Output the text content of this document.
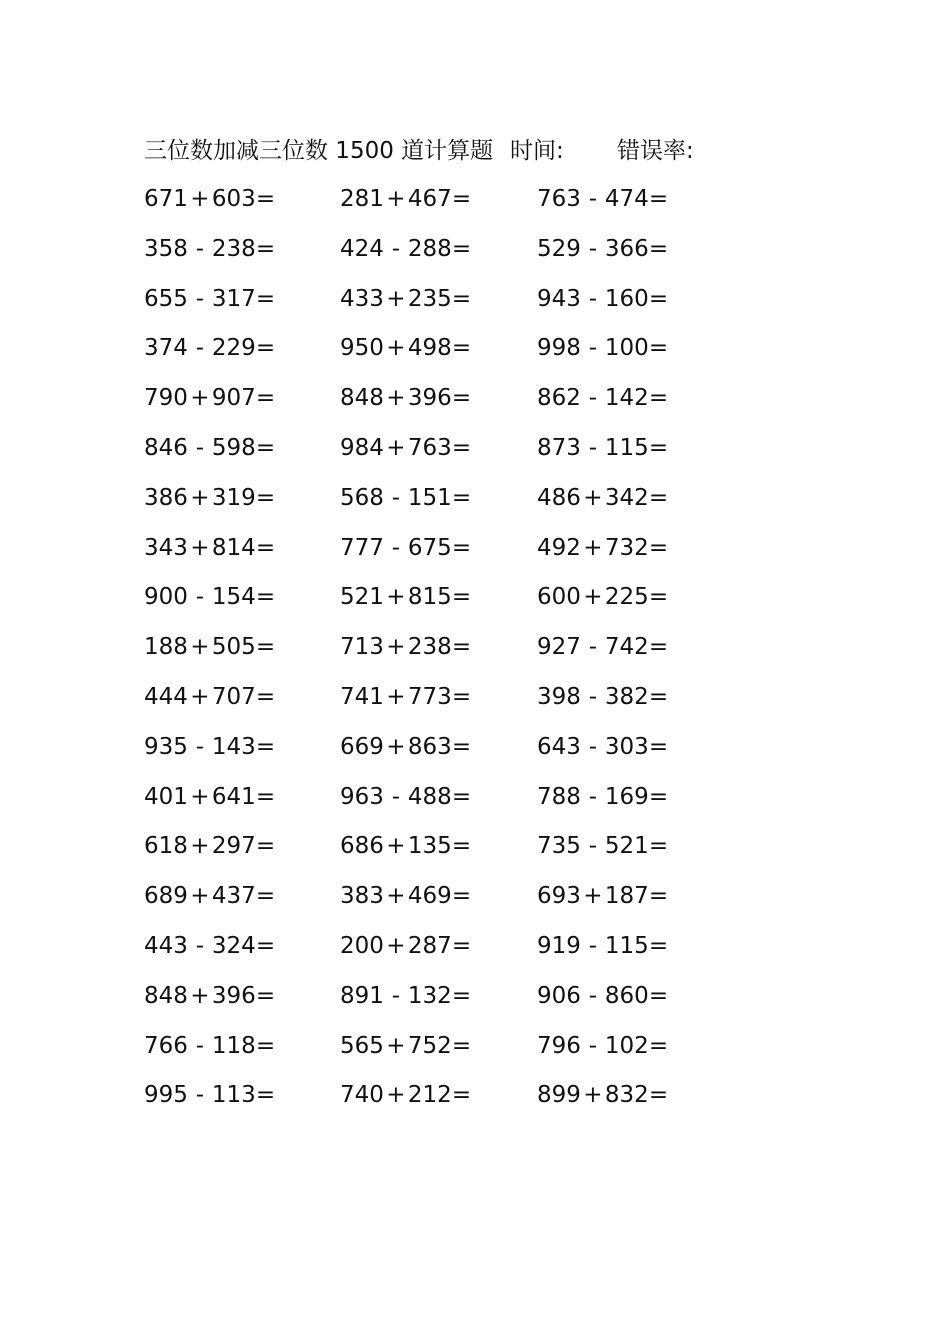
三位数加减三位数 1500 道计算题 时间: 错误率:
671 + 603 =	281 + 467 =	763 - 474 =
358 - 238 =	424 - 288 =	529 - 366 =
655 - 317 =	433 + 235 =	943 - 160 =
374 - 229 =	950 + 498 =	998 - 100 =
790 + 907 =	848 + 396 =	862 - 142 =
846 - 598 =	984 + 763 =	873 - 115 =
386 + 319 =	568 - 151 =	486 + 342 =
343 + 814 =	777 - 675 =	492 + 732 =
900 - 154 =	521 + 815 =	600 + 225 =
188 + 505 =	713 + 238 =	927 - 742 =
444 + 707 =	741 + 773 =	398 - 382 =
935 - 143 =	669 + 863 =	643 - 303 =
401 + 641 =	963 - 488 =	788 - 169 =
618 + 297 =	686 + 135 =	735 - 521 =
689 + 437 =	383 + 469 =	693 + 187 =
443 - 324 =	200 + 287 =	919 - 115 =
848 + 396 =	891 - 132 =	906 - 860 =
766 - 118 =	565 + 752 =	796 - 102 =
995 - 113 =	740 + 212 =	899 + 832 =
